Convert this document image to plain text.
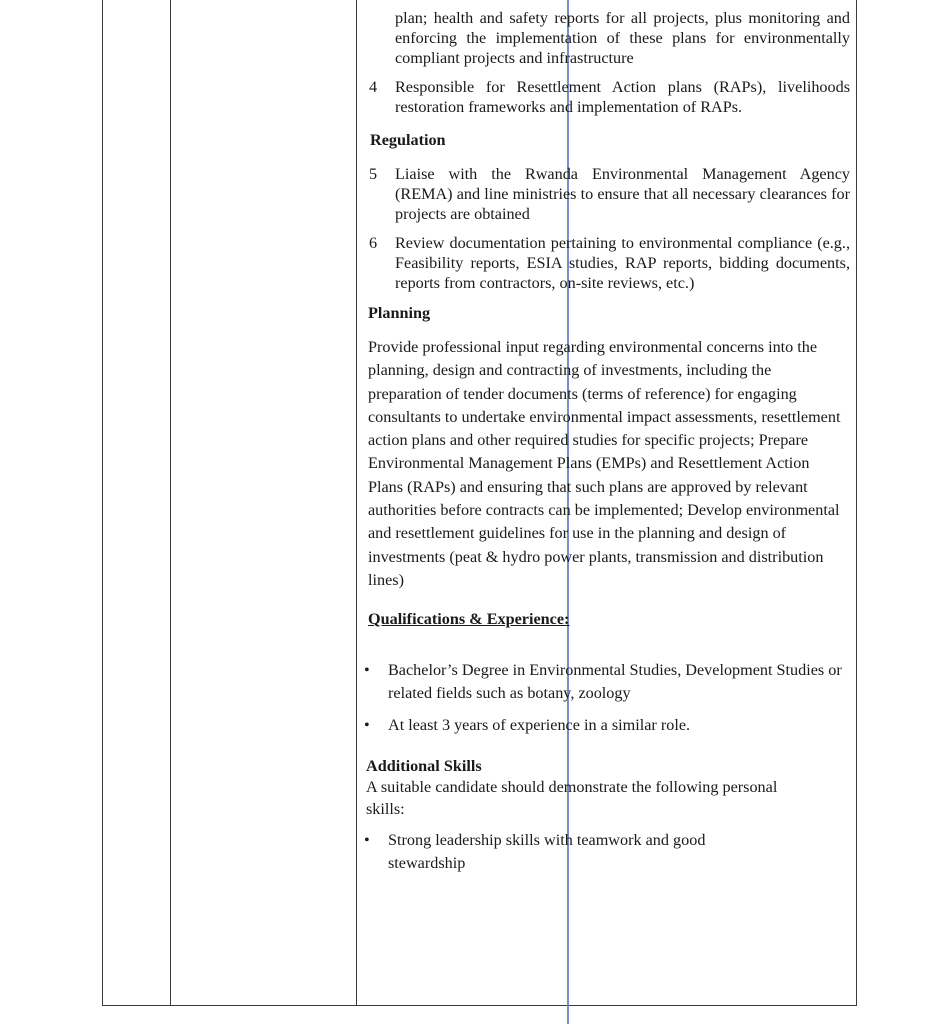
plan; health and safety reports for all projects, plus monitoring and enforcing the implementation of these plans for environmentally compliant projects and infrastructure
4	Responsible for Resettlement Action plans (RAPs), livelihoods restoration frameworks and implementation of RAPs.

Regulation

5	Liaise with the Rwanda Environmental Management Agency (REMA) and line ministries to ensure that all necessary clearances for projects are obtained
6	Review documentation pertaining to environmental compliance (e.g., Feasibility reports, ESIA studies, RAP reports, bidding documents, reports from contractors, on-site reviews, etc.)

Planning

Provide professional input regarding environmental concerns into the planning, design and contracting of investments, including the preparation of tender documents (terms of reference) for engaging consultants to undertake environmental impact assessments, resettlement action plans and other required studies for specific projects; Prepare Environmental Management Plans (EMPs) and Resettlement Action Plans (RAPs) and ensuring that such plans are approved by relevant authorities before contracts can be implemented; Develop environmental and resettlement guidelines for use in the planning and design of investments (peat & hydro power plants, transmission and distribution lines)

Qualifications & Experience:

•	Bachelor’s Degree in Environmental Studies, Development Studies or related fields such as botany, zoology
•	At least 3 years of experience in a similar role.

Additional Skills

A suitable candidate should demonstrate the following personal skills:

•	Strong leadership skills with teamwork and good stewardship
